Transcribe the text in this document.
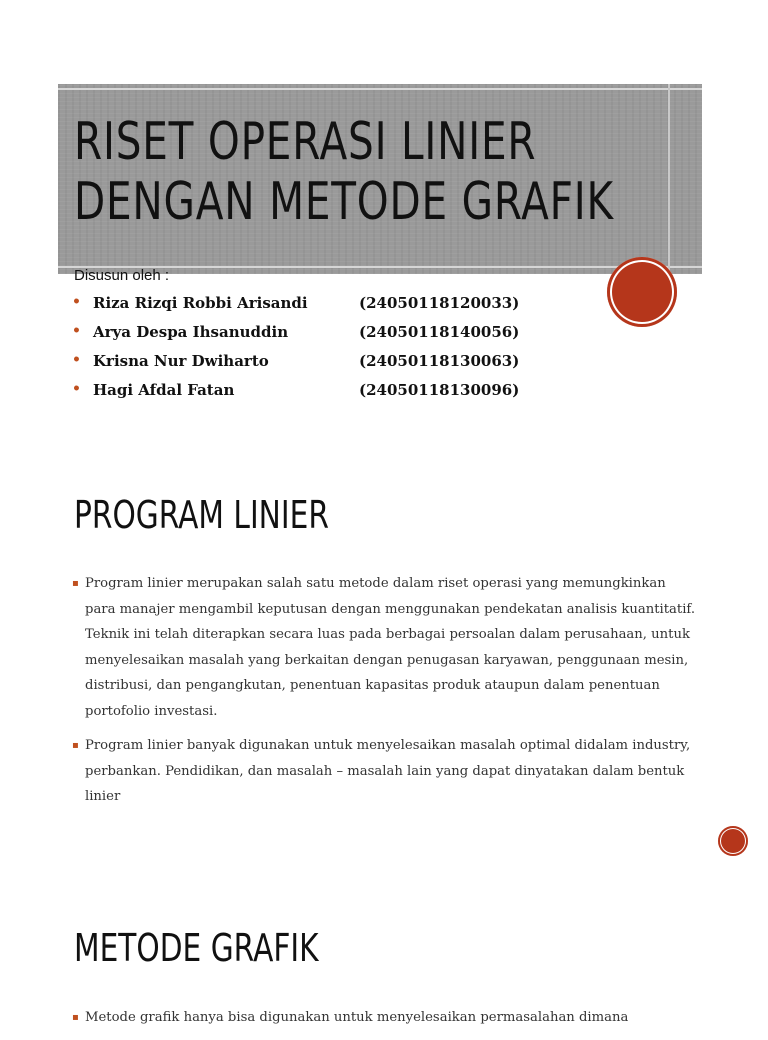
RISET OPERASI LINIER
DENGAN METODE GRAFIK
Disusun oleh :
• Riza Rizqi Robbi Arisandi	(24050118120033)
• Arya Despa Ihsanuddin	(24050118140056)
• Krisna Nur Dwiharto	(24050118130063)
• Hagi Afdal Fatan	(24050118130096)
PROGRAM LINIER
▪ Program linier merupakan salah satu metode dalam riset operasi yang memungkinkan para manajer mengambil keputusan dengan menggunakan pendekatan analisis kuantitatif. Teknik ini telah diterapkan secara luas pada berbagai persoalan dalam perusahaan, untuk menyelesaikan masalah yang berkaitan dengan penugasan karyawan, penggunaan mesin, distribusi, dan pengangkutan, penentuan kapasitas produk ataupun dalam penentuan portofolio investasi.
▪ Program linier banyak digunakan untuk menyelesaikan masalah optimal didalam industry, perbankan. Pendidikan, dan masalah – masalah lain yang dapat dinyatakan dalam bentuk linier
METODE GRAFIK
▪ Metode grafik hanya bisa digunakan untuk menyelesaikan permasalahan dimana
